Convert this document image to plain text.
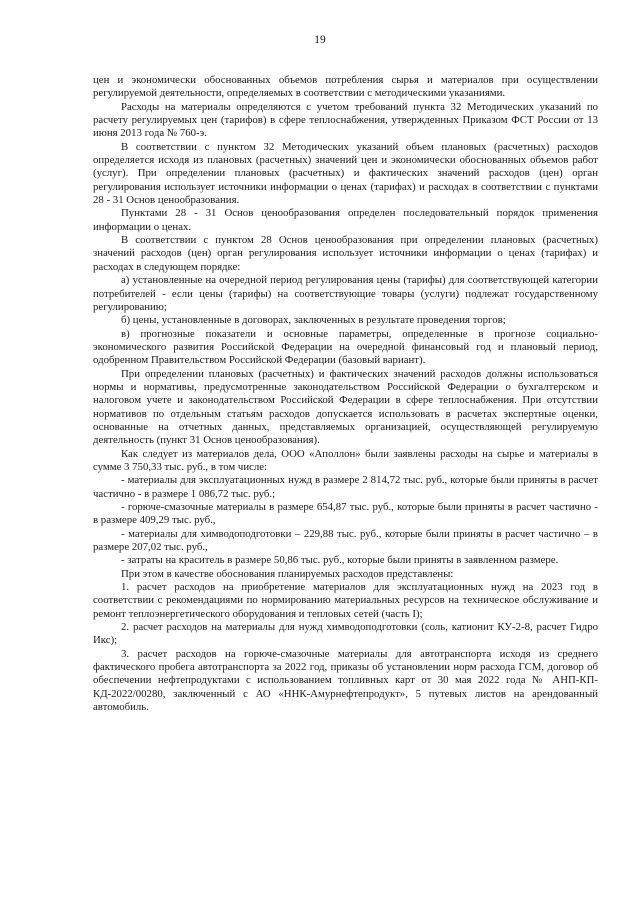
19

цен и экономически обоснованных объемов потребления сырья и материалов при осуществлении регулируемой деятельности, определяемых в соответствии с методическими указаниями.

Расходы на материалы определяются с учетом требований пункта 32 Методических указаний по расчету регулируемых цен (тарифов) в сфере теплоснабжения, утвержденных Приказом ФСТ России от 13 июня 2013 года № 760-э.

В соответствии с пунктом 32 Методических указаний объем плановых (расчетных) расходов определяется исходя из плановых (расчетных) значений цен и экономически обоснованных объемов работ (услуг). При определении плановых (расчетных) и фактических значений расходов (цен) орган регулирования использует источники информации о ценах (тарифах) и расходах в соответствии с пунктами 28 - 31 Основ ценообразования.

Пунктами 28 - 31 Основ ценообразования определен последовательный порядок применения информации о ценах.

В соответствии с пунктом 28 Основ ценообразования при определении плановых (расчетных) значений расходов (цен) орган регулирования использует источники информации о ценах (тарифах) и расходах в следующем порядке:

а) установленные на очередной период регулирования цены (тарифы) для соответствующей категории потребителей - если цены (тарифы) на соответствующие товары (услуги) подлежат государственному регулированию;

б) цены, установленные в договорах, заключенных в результате проведения торгов;

в) прогнозные показатели и основные параметры, определенные в прогнозе социально-экономического развития Российской Федерации на очередной финансовый год и плановый период, одобренном Правительством Российской Федерации (базовый вариант).

При определении плановых (расчетных) и фактических значений расходов должны использоваться нормы и нормативы, предусмотренные законодательством Российской Федерации о бухгалтерском и налоговом учете и законодательством Российской Федерации в сфере теплоснабжения. При отсутствии нормативов по отдельным статьям расходов допускается использовать в расчетах экспертные оценки, основанные на отчетных данных, представляемых организацией, осуществляющей регулируемую деятельность (пункт 31 Основ ценообразования).

Как следует из материалов дела, ООО «Аполлон» были заявлены расходы на сырье и материалы в сумме 3 750,33 тыс. руб., в том числе:

- материалы для эксплуатационных нужд в размере 2 814,72 тыс. руб., которые были приняты в расчет частично - в размере 1 086,72 тыс. руб.;

- горюче-смазочные материалы в размере 654,87 тыс. руб., которые были приняты в расчет частично - в размере 409,29 тыс. руб.,

- материалы для химводоподготовки – 229,88 тыс. руб., которые были приняты в расчет частично – в размере 207,02 тыс. руб.,

- затраты на краситель в размере 50,86 тыс. руб., которые были приняты в заявленном размере.

При этом в качестве обоснования планируемых расходов представлены:

1. расчет расходов на приобретение материалов для эксплуатационных нужд на 2023 год в соответствии с рекомендациями по нормированию материальных ресурсов на техническое обслуживание и ремонт теплоэнергетического оборудования и тепловых сетей (часть I);

2. расчет расходов на материалы для нужд химводоподготовки (соль, катионит КУ-2-8, расчет Гидро Икс);

3. расчет расходов на горюче-смазочные материалы для автотранспорта исходя из среднего фактического пробега автотранспорта за 2022 год, приказы об установлении норм расхода ГСМ, договор об обеспечении нефтепродуктами с использованием топливных карт от 30 мая 2022 года № АНП-КП-КД-2022/00280, заключенный с АО «ННК-Амурнефтепродукт», 5 путевых листов на арендованный автомобиль.
